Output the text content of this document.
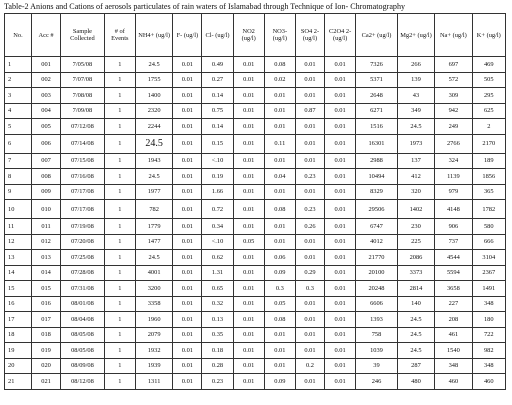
Table-2 Anions and Cations of aerosols particulates of rain waters of Islamabad through Technique of Ion- Chromatography
No.	Acc #	Sample Collected	# of Events	NH4+ (ug/l)	F- (ug/l)	Cl- (ug/l)	NO2 (ug/l)	NO3- (ug/l)	SO4 2- (ug/l)	C2O4 2- (ug/l)	Ca2+ (ug/l)	Mg2+ (ug/l)	Na+ (ug/l)	K+ (ug/l)
1	001	7/05/08	1	24.5	0.01	0.49	0.01	0.08	0.01	0.01	7326	266	697	469
2	002	7/07/08	1	1755	0.01	0.27	0.01	0.02	0.01	0.01	5371	139	572	505
3	003	7/08/08	1	1400	0.01	0.14	0.01	0.01	0.01	0.01	2648	43	309	295
4	004	7/09/08	1	2320	0.01	0.75	0.01	0.01	0.87	0.01	6271	349	942	625
5	005	07/12/08	1	2244	0.01	0.14	0.01	0.01	0.01	0.01	1516	24.5	249	2
6	006	07/14/08	1	24.5	0.01	0.15	0.01	0.11	0.01	0.01	16301	1973	2766	2170
7	007	07/15/08	1	1943	0.01	<.10	0.01	0.01	0.01	0.01	2988	137	324	189
8	008	07/16/08	1	24.5	0.01	0.19	0.01	0.04	0.23	0.01	10494	412	1139	1856
9	009	07/17/08	1	1977	0.01	1.66	0.01	0.01	0.01	0.01	8329	320	979	365
10	010	07/17/08	1	782	0.01	0.72	0.01	0.08	0.23	0.01	29506	1402	4148	1782
11	011	07/19/08	1	1779	0.01	0.34	0.01	0.01	0.26	0.01	6747	230	906	580
12	012	07/20/08	1	1477	0.01	<.10	0.05	0.01	0.01	0.01	4012	225	737	666
13	013	07/25/08	1	24.5	0.01	0.62	0.01	0.06	0.01	0.01	21770	2086	4544	3104
14	014	07/28/08	1	4001	0.01	1.31	0.01	0.09	0.29	0.01	20100	3373	5594	2367
15	015	07/31/08	1	3200	0.01	0.65	0.01	0.3	0.3	0.01	20248	2814	3658	1491
16	016	08/01/08	1	3358	0.01	0.32	0.01	0.05	0.01	0.01	6606	140	227	348
17	017	08/04/08	1	1960	0.01	0.13	0.01	0.08	0.01	0.01	1393	24.5	208	180
18	018	08/05/08	1	2079	0.01	0.35	0.01	0.01	0.01	0.01	758	24.5	461	722
19	019	08/05/08	1	1932	0.01	0.18	0.01	0.01	0.01	0.01	1039	24.5	1540	982
20	020	08/09/08	1	1939	0.01	0.28	0.01	0.01	0.2	0.01	39	287	348	348
21	021	08/12/08	1	1311	0.01	0.23	0.01	0.09	0.01	0.01	246	480	460	460
